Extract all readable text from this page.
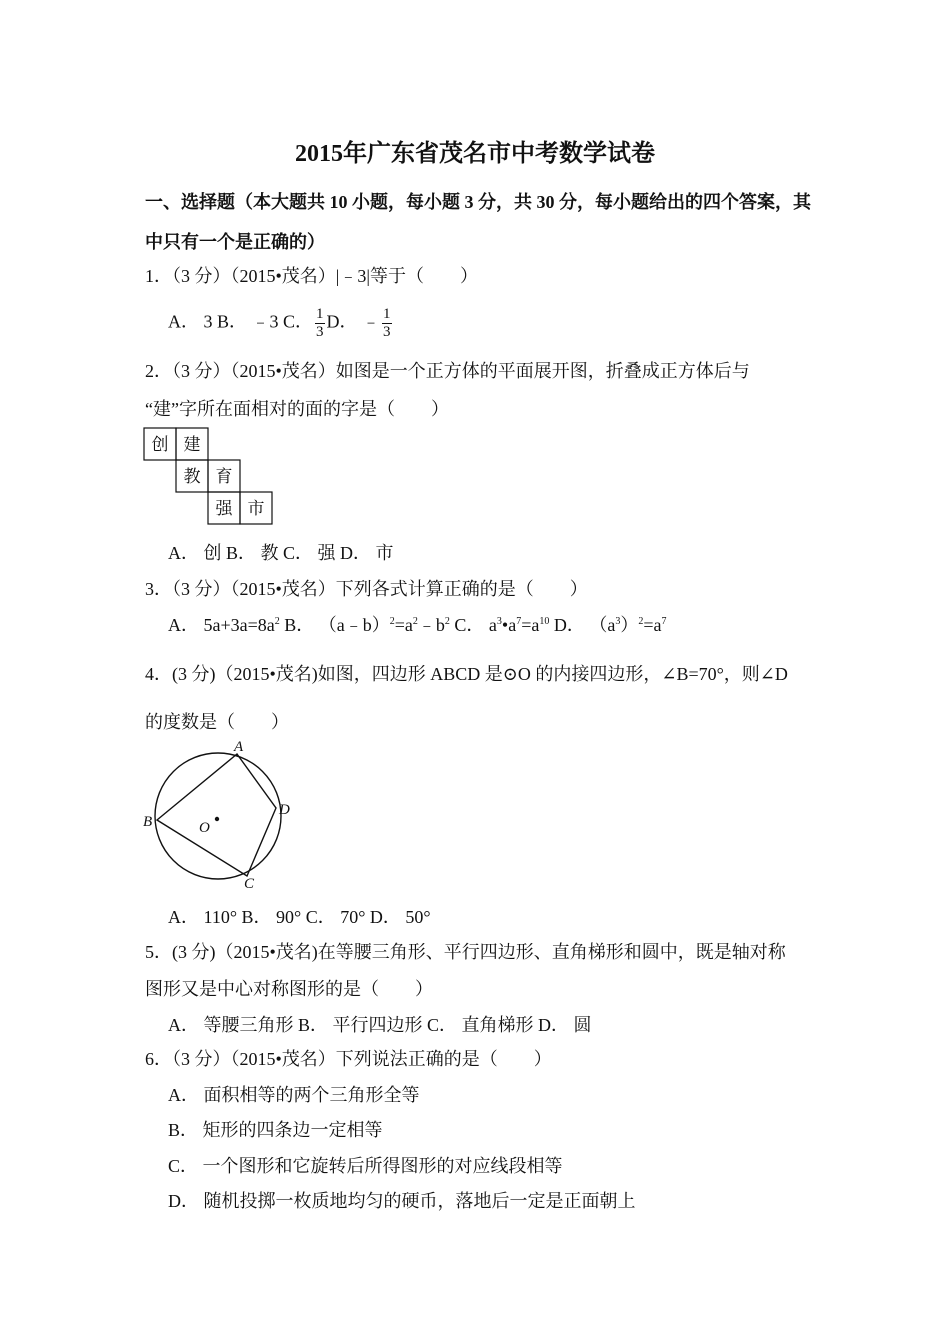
2015年广东省茂名市中考数学试卷
一、选择题（本大题共 10 小题，每小题 3 分，共 30 分，每小题给出的四个答案，其
中只有一个是正确的）
1．（3 分）（2015•茂名）|﹣3|等于（　　）
A． 3 B． ﹣3 C． $\frac{1}{3}$ D． ﹣ $\frac{1}{3}$
2．（3 分）（2015•茂名）如图是一个正方体的平面展开图，折叠成正方体后与
“建”字所在面相对的面的字是（　　）
创 建
教 育
强 市
A． 创 B． 教 C． 强 D． 市
3．（3 分）（2015•茂名）下列各式计算正确的是（　　）
A． $5a+3a=8a^2$ B． $(a﹣b)^2=a^2﹣b^2$ C． $a^3•a^7=a^{10}$ D． $(a^3)^2=a^7$
4．(3 分)（2015•茂名)如图，四边形 ABCD 是⊙O 的内接四边形，∠B=70°，则∠D
的度数是（　　）
A
B
C
D
O
A． 110° B． 90° C． 70° D． 50°
5．(3 分)（2015•茂名)在等腰三角形、平行四边形、直角梯形和圆中，既是轴对称
图形又是中心对称图形的是（　　）
A． 等腰三角形 B． 平行四边形 C． 直角梯形 D． 圆
6．（3 分）（2015•茂名）下列说法正确的是（　　）
A． 面积相等的两个三角形全等
B． 矩形的四条边一定相等
C． 一个图形和它旋转后所得图形的对应线段相等
D． 随机投掷一枚质地均匀的硬币，落地后一定是正面朝上
